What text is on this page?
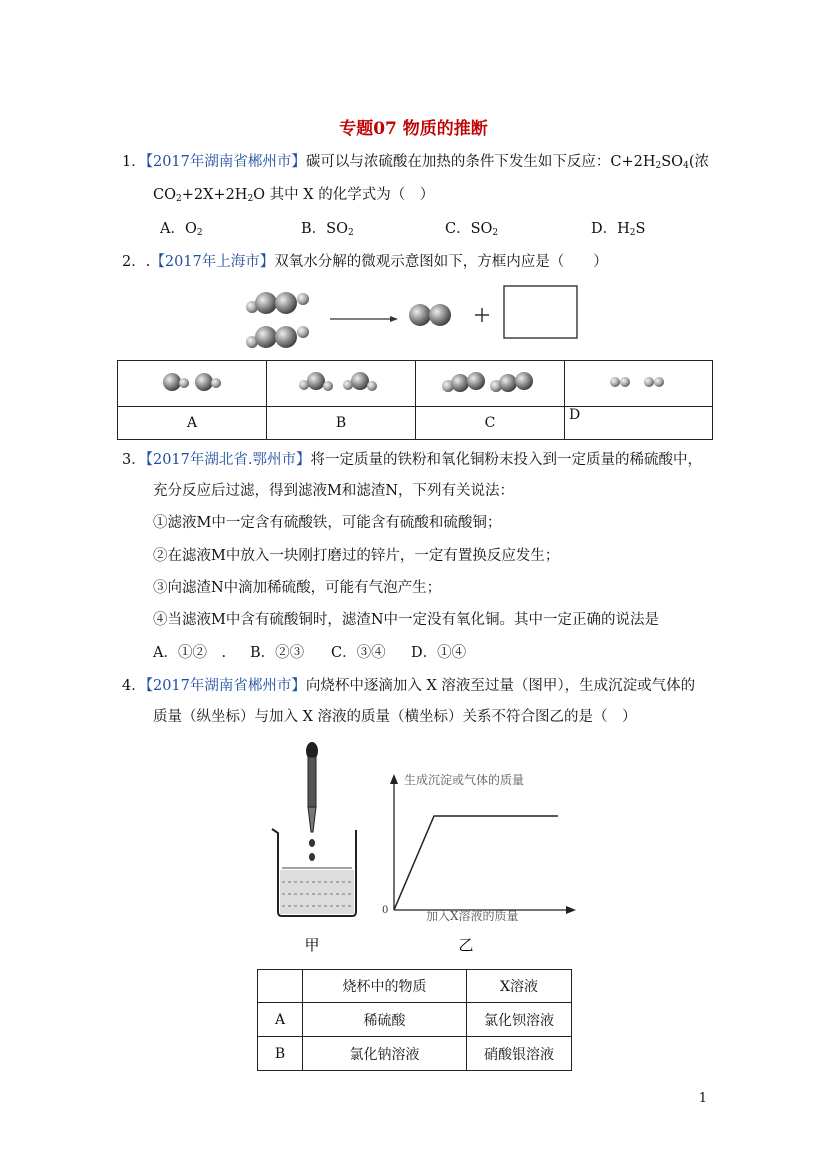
专题07 物质的推断
1．【2017年湖南省郴州市】碳可以与浓硫酸在加热的条件下发生如下反应：$C+2H_2SO_4$(浓
$CO_2+2X+2H_2O$ 其中 X 的化学式为（　）
A．$O_2$	B．$SO_2$	C．$SO_2$	D．$H_2S$
2．.【2017年上海市】双氧水分解的微观示意图如下，方框内应是（　　）

A	B	C	D
3．【2017年湖北省.鄂州市】将一定质量的铁粉和氧化铜粉末投入到一定质量的稀硫酸中，
充分反应后过滤，得到滤液M和滤渣N，下列有关说法：
①滤液M中一定含有硫酸铁，可能含有硫酸和硫酸铜；
②在滤液M中放入一块刚打磨过的锌片，一定有置换反应发生；
③向滤渣N中滴加稀硫酸，可能有气泡产生；
④当滤液M中含有硫酸铜时，滤渣N中一定没有氧化铜。其中一定正确的说法是
A．①②　. B．②③ C．③④ D．①④
4．【2017年湖南省郴州市】向烧杯中逐滴加入 X 溶液至过量（图甲），生成沉淀或气体的
质量（纵坐标）与加入 X 溶液的质量（横坐标）关系不符合图乙的是（　）
甲
生成沉淀或气体的质量
加入X溶液的质量
0
乙
	烧杯中的物质	X溶液
A	稀硫酸	氯化钡溶液
B	氯化钠溶液	硝酸银溶液
1
